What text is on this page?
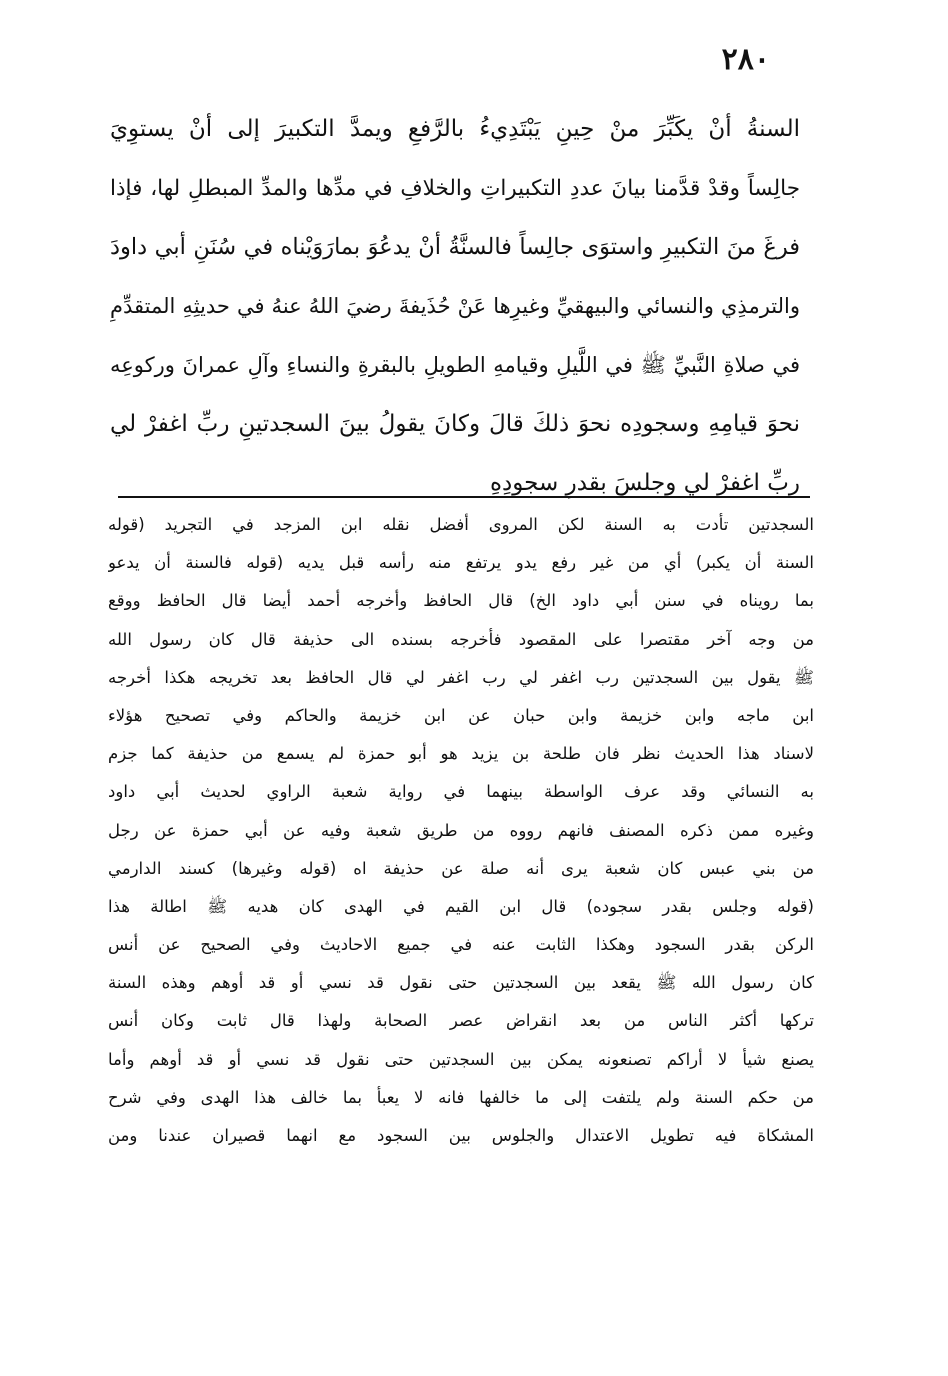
٢٨٠
السنةُ أنْ يكَبِّرَ منْ حِينِ يَبْتَدِيءُ بالرَّفعِ ويمدَّ التكبيرَ إلى أنْ يستوِيَ
جالِساً وقدْ قدَّمنا بيانَ عددِ التكبيراتِ والخلافِ في مدِّها والمدِّ المبطلِ لها، فإذا
فرغَ منَ التكبيرِ واستوَى جالِساً فالسنَّةُ أنْ يدعُوَ بمارَوَيْناه في سُنَنِ أبي داودَ
والترمذِي والنسائي والبيهقيِّ وغيرِها عَنْ حُذَيفةَ رضيَ اللهُ عنهُ في حديثِهِ المتقدِّمِ
في صلاةِ النَّبيِّ ﷺ في اللَّيلِ وقيامهِ الطويلِ بالبقرةِ والنساءِ وآلِ عمرانَ وركوعِه
نحوَ قيامِهِ وسجودِه نحوَ ذلكَ قالَ وكانَ يقولُ بينَ السجدتينِ ربِّ اغفرْ لي
ربِّ اغفرْ لي وجلسَ بقدرِ سجودِهِ
السجدتين تأدت به السنة لكن المروى أفضل نقله ابن المزجد في التجريد (قوله
السنة أن يكبر) أي من غير رفع يدو يرتفع منه رأسه قبل يديه (قوله فالسنة أن يدعو
بما رويناه في سنن أبي داود الخ) قال الحافظ وأخرجه أحمد أيضا قال الحافظ ووقع
من وجه آخر مقتصرا على المقصود فأخرجه بسنده الى حذيفة قال كان رسول الله
ﷺ يقول بين السجدتين رب اغفر لي رب اغفر لي قال الحافظ بعد تخريجه هكذا أخرجه
ابن ماجه وابن خزيمة وابن حبان عن ابن خزيمة والحاكم وفي تصحيح هؤلاء
لاسناد هذا الحديث نظر فان طلحة بن يزيد هو أبو حمزة لم يسمع من حذيفة كما جزم
به النسائي وقد عرف الواسطة بينهما في رواية شعبة الراوي لحديث أبي داود
وغيره ممن ذكره المصنف فانهم رووه من طريق شعبة وفيه عن أبي حمزة عن رجل
من بني عبس كان شعبة يرى أنه صلة عن حذيفة اه (قوله وغيرها) كسند الدارمي
(قوله وجلس بقدر سجوده) قال ابن القيم في الهدى كان هديه ﷺ اطالة هذا
الركن بقدر السجود وهكذا الثابت عنه في جميع الاحاديث وفي الصحيح عن أنس
كان رسول الله ﷺ يقعد بين السجدتين حتى نقول قد نسي أو قد أوهم وهذه السنة
تركها أكثر الناس من بعد انقراض عصر الصحابة ولهذا قال ثابت وكان أنس
يصنع شيأ لا أراكم تصنعونه يمكن بين السجدتين حتى نقول قد نسي أو قد أوهم وأما
من حكم السنة ولم يلتفت إلى ما خالفها فانه لا يعبأ بما خالف هذا الهدى وفي شرح
المشكاة فيه تطويل الاعتدال والجلوس بين السجود مع انهما قصيران عندنا ومن
